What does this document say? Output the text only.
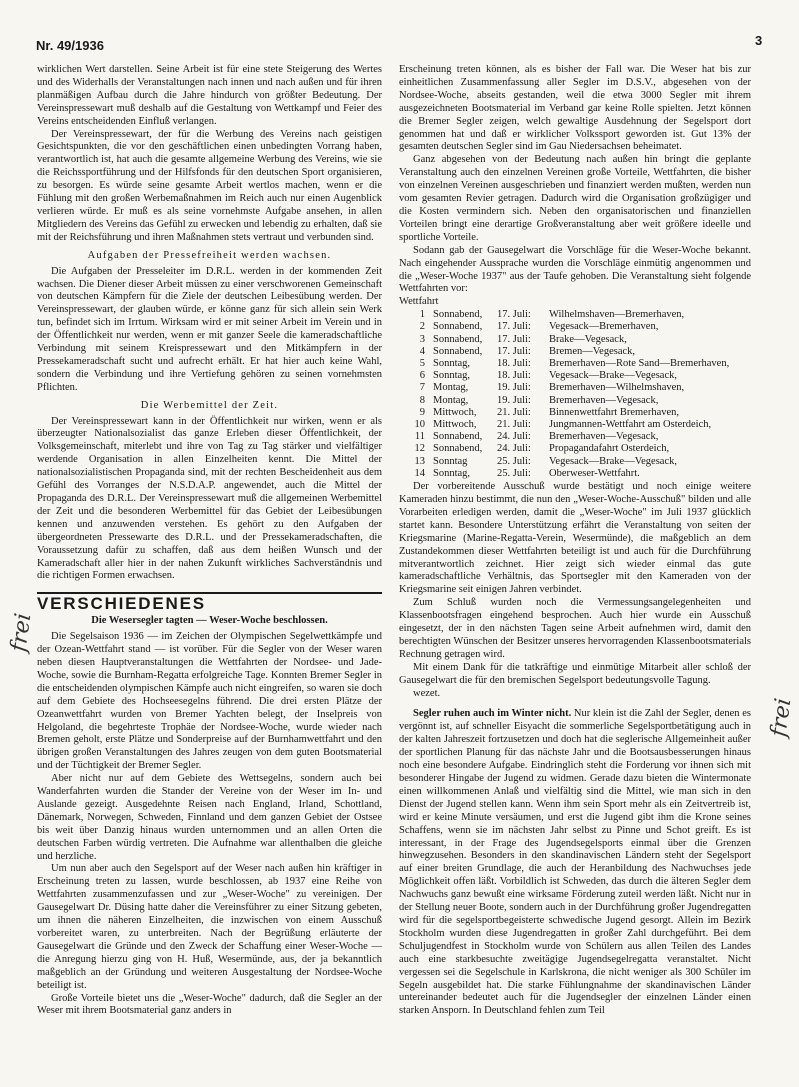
Nr. 49/1936	3

wirklichen Wert darstellen. Seine Arbeit ist für eine stete Steigerung des Wertes und des Widerhalls der Veranstaltungen nach innen und nach außen und für ihren planmäßigen Aufbau durch die Jahre hindurch von größter Bedeutung. Der Vereinspressewart muß deshalb auf die Gestaltung von Wettkampf und Feier des Vereins entscheidenden Einfluß verlangen.

Der Vereinspressewart, der für die Werbung des Vereins nach geistigen Gesichtspunkten, die vor den geschäftlichen einen unbedingten Vorrang haben, verantwortlich ist, hat auch die gesamte allgemeine Werbung des Vereins, wie sie die Reichssportführung und der Hilfsfonds für den deutschen Sport organisieren, zu besorgen. Es würde seine gesamte Arbeit wertlos machen, wenn er die Fühlung mit den großen Werbemaßnahmen im Reich auch nur einen Augenblick verlieren würde. Er muß es als seine vornehmste Aufgabe ansehen, in allen Mitgliedern des Vereins das Gefühl zu erwecken und lebendig zu erhalten, daß sie mit der Reichsführung und ihren Maßnahmen stets vertraut und verbunden sind.

Aufgaben der Pressefreiheit werden wachsen.

Die Aufgaben der Presseleiter im D.R.L. werden in der kommenden Zeit wachsen. Die Diener dieser Arbeit müssen zu einer verschworenen Gemeinschaft von deutschen Kämpfern für die Ziele der deutschen Leibesübung werden. Der Vereinspressewart, der glauben würde, er könne ganz für sich allein sein Werk tun, befindet sich im Irrtum. Wirksam wird er mit seiner Arbeit im Verein und in der Öffentlichkeit nur werden, wenn er mit ganzer Seele die kameradschaftliche Verbindung mit seinem Kreispressewart und den Mitkämpfern in der Pressekameradschaft sucht und aufrecht erhält. Er hat hier auch keine Wahl, sondern die Verbindung und ihre Vertiefung gehören zu seinen vornehmsten Pflichten.

Die Werbemittel der Zeit.

Der Vereinspressewart kann in der Öffentlichkeit nur wirken, wenn er als überzeugter Nationalsozialist das ganze Erleben dieser Öffentlichkeit, der Volksgemeinschaft, miterlebt und ihre von Tag zu Tag stärker und vielfältiger werdende Organisation in allen Einzelheiten kennt. Die Mittel der nationalsozialistischen Propaganda sind, mit der rechten Bescheidenheit aus dem Gefühl des Vorranges der N.S.D.A.P. angewendet, auch die Mittel der Propaganda des D.R.L. Der Vereinspressewart muß die allgemeinen Werbemittel der Zeit und die besonderen Werbemittel für das Gebiet der Leibesübungen kennen und anzuwenden verstehen. Es gehört zu den Aufgaben der übergeordneten Pressewarte des D.R.L. und der Pressekameradschaften, die Voraussetzung dafür zu schaffen, daß aus dem heißen Wunsch und der Kameradschaft aller hier in der nahen Zukunft wirkliches Sachverständnis und die richtigen Formen erwachsen.

VERSCHIEDENES
Die Wesersegler tagten — Weser-Woche beschlossen.

Die Segelsaison 1936 — im Zeichen der Olympischen Segelwettkämpfe und der Ozean-Wettfahrt stand — ist vorüber. Für die Segler von der Weser waren neben diesen Hauptveranstaltungen die Wettfahrten der Nordsee- und Jade-Woche, sowie die Burnham-Regatta erfolgreiche Tage. Konnten Bremer Segler in die entscheidenden olympischen Kämpfe auch nicht eingreifen, so waren sie doch auf dem Gebiete des Hochseesegelns führend. Die drei ersten Plätze der Ozeanwettfahrt wurden von Bremer Yachten belegt, der Inselpreis von Helgoland, die begehrteste Trophäe der Nordsee-Woche, wurde wieder nach Bremen geholt, erste Plätze und Sonderpreise auf der Burnhamwettfahrt und den übrigen großen Veranstaltungen des Jahres zeugen von dem guten Bootsmaterial und der Tüchtigkeit der Bremer Segler.

Aber nicht nur auf dem Gebiete des Wettsegelns, sondern auch bei Wanderfahrten wurden die Stander der Vereine von der Weser im In- und Auslande gezeigt. Ausgedehnte Reisen nach England, Irland, Schottland, Dänemark, Norwegen, Schweden, Finnland und dem ganzen Gebiet der Ostsee bis weit über Danzig hinaus wurden unternommen und an allen Orten die deutschen Farben würdig vertreten. Die Aufnahme war allenthalben die gleiche und herzliche.

Um nun aber auch den Segelsport auf der Weser nach außen hin kräftiger in Erscheinung treten zu lassen, wurde beschlossen, ab 1937 eine Reihe von Wettfahrten zusammenzufassen und zur „Weser-Woche" zu vereinigen. Der Gausegelwart Dr. Düsing hatte daher die Vereinsführer zu einer Sitzung gebeten, um ihnen die näheren Einzelheiten, die inzwischen von einem Ausschuß vorbereitet waren, zu unterbreiten. Nach der Begrüßung erläuterte der Gausegelwart die Gründe und den Zweck der Schaffung einer Weser-Woche — die Anregung hierzu ging von H. Huß, Wesermünde, aus, der ja bekanntlich maßgeblich an der Gründung und weiteren Ausgestaltung der Nordsee-Woche beteiligt ist.

Große Vorteile bietet uns die „Weser-Woche" dadurch, daß die Segler an der Weser mit ihrem Bootsmaterial ganz anders in

Erscheinung treten können, als es bisher der Fall war. Die Weser hat bis zur einheitlichen Zusammenfassung aller Segler im D.S.V., abgesehen von der Nordsee-Woche, abseits gestanden, weil die etwa 3000 Segler mit ihrem ausgezeichneten Bootsmaterial im Verband gar keine Rolle spielten. Jetzt können die Bremer Segler zeigen, welch gewaltige Ausdehnung der Segelsport dort genommen hat und daß er wirklicher Volkssport geworden ist. Gut 13% der gesamten deutschen Segler sind im Gau Niedersachsen beheimatet.

Ganz abgesehen von der Bedeutung nach außen hin bringt die geplante Veranstaltung auch den einzelnen Vereinen große Vorteile, Wettfahrten, die bisher von einzelnen Vereinen ausgeschrieben und finanziert werden mußten, werden nun vom gesamten Revier getragen. Dadurch wird die Organisation großzügiger und die Kosten vermindern sich. Neben den organisatorischen und finanziellen Vorteilen bringt eine derartige Großveranstaltung aber weit größere ideelle und sportliche Vorteile.

Sodann gab der Gausegelwart die Vorschläge für die Weser-Woche bekannt. Nach eingehender Aussprache wurden die Vorschläge einmütig angenommen und die „Weser-Woche 1937" aus der Taufe gehoben. Die Veranstaltung sieht folgende Wettfahrten vor:

Wettfahrt

1	Sonnabend,	17. Juli:	Wilhelmshaven—Bremerhaven,
2	Sonnabend,	17. Juli:	Vegesack—Bremerhaven,
3	Sonnabend,	17. Juli:	Brake—Vegesack,
4	Sonnabend,	17. Juli:	Bremen—Vegesack,
5	Sonntag,	18. Juli:	Bremerhaven—Rote Sand—Bremerhaven,
6	Sonntag,	18. Juli:	Vegesack—Brake—Vegesack,
7	Montag,	19. Juli:	Bremerhaven—Wilhelmshaven,
8	Montag,	19. Juli:	Bremerhaven—Vegesack,
9	Mittwoch,	21. Juli:	Binnenwettfahrt Bremerhaven,
10	Mittwoch,	21. Juli:	Jungmannen-Wettfahrt am Osterdeich,
11	Sonnabend,	24. Juli:	Bremerhaven—Vegesack,
12	Sonnabend,	24. Juli:	Propagandafahrt Osterdeich,
13	Sonntag	25. Juli:	Vegesack—Brake—Vegesack,
14	Sonntag,	25. Juli:	Oberweser-Wettfahrt.

Der vorbereitende Ausschuß wurde bestätigt und noch einige weitere Kameraden hinzu bestimmt, die nun den „Weser-Woche-Ausschuß" bilden und alle Vorarbeiten erledigen werden, damit die „Weser-Woche" im Juli 1937 glücklich startet kann. Besondere Unterstützung erfährt die Veranstaltung von seiten der Kriegsmarine (Marine-Regatta-Verein, Wesermünde), die maßgeblich an dem Zustandekommen dieser Wettfahrten beteiligt ist und auch für die Durchführung mitverantwortlich zeichnet. Hier zeigt sich wieder einmal das gute kameradschaftliche Verhältnis, das Sportsegler mit den Kameraden von der Kriegsmarine seit einigen Jahren verbindet.

Zum Schluß wurden noch die Vermessungsangelegenheiten und Klassenbootsfragen eingehend besprochen. Auch hier wurde ein Ausschuß eingesetzt, der in den nächsten Tagen seine Arbeit aufnehmen wird, damit den berechtigten Wünschen der Besitzer unseres hervorragenden Klassenbootsmaterials Rechnung getragen wird.

Mit einem Dank für die tatkräftige und einmütige Mitarbeit aller schloß der Gausegelwart die für den bremischen Segelsport bedeutungsvolle Tagung.

wezet.

Segler ruhen auch im Winter nicht. Nur klein ist die Zahl der Segler, denen es vergönnt ist, auf schneller Eisyacht die sommerliche Segelsportbetätigung auch in der kalten Jahreszeit fortzusetzen und doch hat die seglerische Allgemeinheit außer der sportlichen Planung für das nächste Jahr und die Bootsausbesserungen hinaus noch eine besondere Aufgabe. Eindringlich steht die Forderung vor ihnen sich mit besonderer Hingabe der Jugend zu widmen. Gerade dazu bieten die Wintermonate einen willkommenen Anlaß und vielfältig sind die Mittel, wie man sich in den Dienst der Jugend stellen kann. Wenn ihm sein Sport mehr als ein Zeitvertreib ist, wird er keine Minute versäumen, und erst die Jugend gibt ihm die Krone seines Schaffens, wenn sie im nächsten Jahr selbst zu Pinne und Schot greift. Es ist interessant, in der Frage des Jugendsegelsports einmal über die Grenzen hinwegzusehen. Besonders in den skandinavischen Ländern steht der Segelsport auf einer breiten Grundlage, die auch der Heranbildung des Nachwuchses jede Möglichkeit offen läßt. Vorbildlich ist Schweden, das durch die älteren Segler dem Nachwuchs ganz bewußt eine wirksame Förderung zuteil werden läßt. Nicht nur in der Stellung neuer Boote, sondern auch in der Durchführung großer Jugendregatten wird für die segelsportbegeisterte schwedische Jugend gesorgt. Allein im Bezirk Stockholm wurden diese Jugendregatten in großer Zahl durchgeführt. Bei dem Schuljugendfest in Stockholm wurde von Schülern aus allen Teilen des Landes auch eine starkbesuchte zweitägige Jugendsegelregatta veranstaltet. Nicht vergessen sei die Segelschule in Karlskrona, die nicht weniger als 300 Schüler im Segeln ausgebildet hat. Die starke Fühlungnahme der skandinavischen Länder untereinander bedeutet auch für die Jugendsegler der einzelnen Länder einen starken Ansporn. In Deutschland fehlen zum Teil

frei
frei
